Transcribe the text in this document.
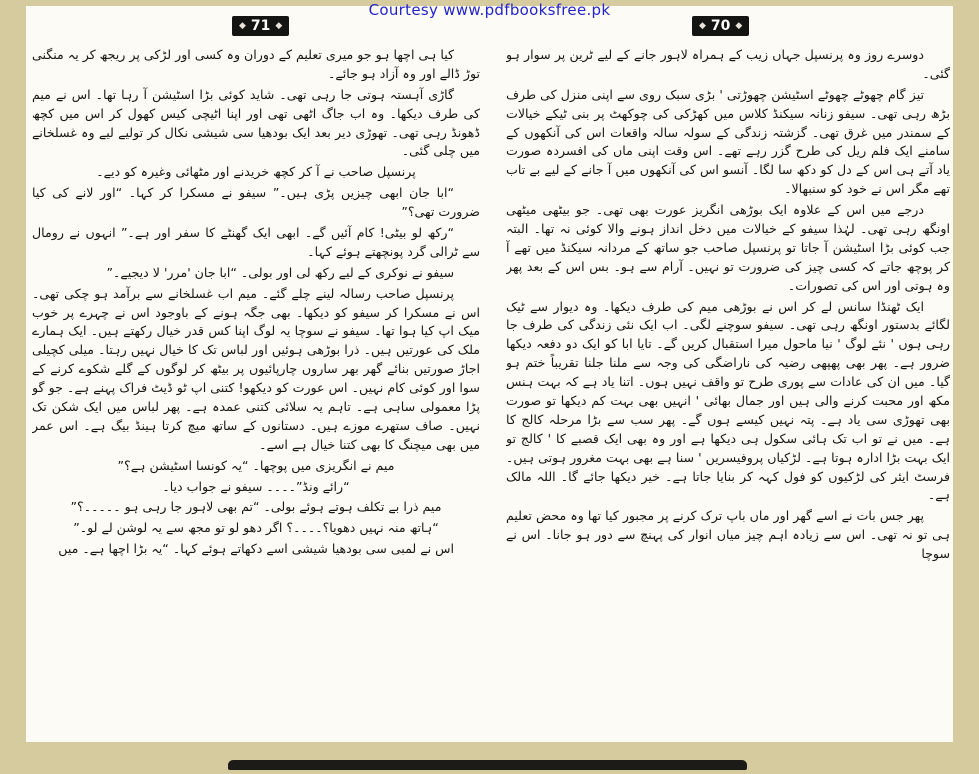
Courtesy www.pdfbooksfree.pk
◆ 71 ◆	◆ 70 ◆

دوسرے روز وہ پرنسپل جہاں زیب کے ہمراہ لاہور جانے کے لیے ٹرین پر سوار ہو گئی۔

تیز گام چھوٹے چھوٹے اسٹیشن چھوڑتی ' بڑی سبک روی سے اپنی منزل کی طرف بڑھ رہی تھی۔ سیفو زنانہ سیکنڈ کلاس میں کھڑکی کی چوکھٹ پر بنی ٹیکے خیالات کے سمندر میں غرق تھی۔ گزشتہ زندگی کے سولہ سالہ واقعات اس کی آنکھوں کے سامنے ایک فلم ریل کی طرح گزر رہے تھے۔ اس وقت اپنی ماں کی افسردہ صورت یاد آتے ہی اس کے دل کو دکھ سا لگا۔ آنسو اس کی آنکھوں میں آ جانے کے لیے بے تاب تھے مگر اس نے خود کو سنبھالا۔

درجے میں اس کے علاوہ ایک بوڑھی انگریز عورت بھی تھی۔ جو بیٹھی میٹھی اونگھ رہی تھی۔ لہٰذا سیفو کے خیالات میں دخل انداز ہونے والا کوئی نہ تھا۔ البتہ جب کوئی بڑا اسٹیشن آ جاتا تو پرنسپل صاحب جو ساتھ کے مردانہ سیکنڈ میں تھے آ کر پوچھ جاتے کہ کسی چیز کی ضرورت تو نہیں۔ آرام سے ہو۔ بس اس کے بعد پھر وہ ہوتی اور اس کی تصورات۔

ایک ٹھنڈا سانس لے کر اس نے بوڑھی میم کی طرف دیکھا۔ وہ دیوار سے ٹیک لگائے بدستور اونگھ رہی تھی۔ سیفو سوچنے لگی۔ اب ایک نئی زندگی کی طرف جا رہی ہوں ' نئے لوگ ' نیا ماحول میرا استقبال کریں گے۔ تایا ابا کو ایک دو دفعہ دیکھا ضرور ہے۔ پھر بھی پھپھی رضیہ کی ناراضگی کی وجہ سے ملنا جلنا تقریباً ختم ہو گیا۔ میں ان کی عادات سے پوری طرح تو واقف نہیں ہوں۔ اتنا یاد ہے کہ بہت ہنس مکھ اور محبت کرنے والی ہیں اور جمال بھائی ' انہیں بھی بہت کم دیکھا تو صورت بھی تھوڑی سی یاد ہے۔ پتہ نہیں کیسے ہوں گے۔ پھر سب سے بڑا مرحلہ کالج کا ہے۔ میں نے تو اب تک ہائی سکول ہی دیکھا ہے اور وہ بھی ایک قصبے کا ' کالج تو ایک بہت بڑا ادارہ ہوتا ہے۔ لڑکیاں پروفیسریں ' سنا ہے بھی بہت مغرور ہوتی ہیں۔ فرسٹ ایئر کی لڑکیوں کو فول کہہ کر بنایا جاتا ہے۔ خیر دیکھا جائے گا۔ اللہ مالک ہے۔

پھر جس بات نے اسے گھر اور ماں باپ ترک کرنے پر مجبور کیا تھا وہ محض تعلیم ہی تو نہ تھی۔ اس سے زیادہ اہم چیز میاں انوار کی پہنچ سے دور ہو جانا۔ اس نے سوچا

کیا ہی اچھا ہو جو میری تعلیم کے دوران وہ کسی اور لڑکی پر ریجھ کر یہ منگنی توڑ ڈالے اور وہ آزاد ہو جائے۔

گاڑی آہستہ ہوتی جا رہی تھی۔ شاید کوئی بڑا اسٹیشن آ رہا تھا۔ اس نے میم کی طرف دیکھا۔ وہ اب جاگ اٹھی تھی اور اپنا اٹیچی کیس کھول کر اس میں کچھ ڈھونڈ رہی تھی۔ تھوڑی دیر بعد ایک بودھیا سی شیشی نکال کر تولیے لیے وہ غسلخانے میں چلی گئی۔

پرنسپل صاحب نے آ کر کچھ خریدنے اور مٹھائی وغیرہ کو دیے۔

“ابا جان ابھی چیزیں پڑی ہیں۔” سیفو نے مسکرا کر کہا۔ “اور لانے کی کیا ضرورت تھی؟”

“رکھ لو بیٹی! کام آئیں گے۔ ابھی ایک گھنٹے کا سفر اور ہے۔” انہوں نے رومال سے ٹرالی گرد پونچھتے ہوئے کہا۔

سیفو نے نوکری کے لیے رکھ لی اور بولی۔ “ابا جان 'مرر' لا دیجیے۔”

پرنسپل صاحب رسالہ لینے چلے گئے۔ میم اب غسلخانے سے برآمد ہو چکی تھی۔ اس نے مسکرا کر سیفو کو دیکھا۔ بھی جگہ ہونے کے باوجود اس نے چہرے پر خوب میک اپ کیا ہوا تھا۔ سیفو نے سوچا یہ لوگ اپنا کس قدر خیال رکھتے ہیں۔ ایک ہمارے ملک کی عورتیں ہیں۔ ذرا بوڑھی ہوئیں اور لباس تک کا خیال نہیں رہتا۔ میلی کچیلی اجاڑ صورتیں بنائے گھر بھر ساروں چارپائیوں پر بیٹھ کر لوگوں کے گلے شکوے کرنے کے سوا اور کوئی کام نہیں۔ اس عورت کو دیکھو! کتنی اپ ٹو ڈیٹ فراک پہنے ہے۔ جو گو پڑا معمولی ساہی ہے۔ تاہم یہ سلائی کتنی عمدہ ہے۔ پھر لباس میں ایک شکن تک نہیں۔ صاف ستھرے موزے ہیں۔ دستانوں کے ساتھ میچ کرتا ہینڈ بیگ ہے۔ اس عمر میں بھی میچنگ کا بھی کتنا خیال ہے اسے۔

میم نے انگریزی میں پوچھا۔ “یہ کونسا اسٹیشن ہے؟”

“رائے ونڈ”۔۔۔۔ سیفو نے جواب دیا۔

میم ذرا بے تکلف ہوتے ہوئے بولی۔ “تم بھی لاہور جا رہی ہو ۔۔۔۔۔؟”

“ہاتھ منہ نہیں دھویا؟۔۔۔۔؟ اگر دھو لو تو مجھ سے یہ لوشن لے لو۔”

اس نے لمبی سی بودھیا شیشی اسے دکھاتے ہوئے کہا۔ “یہ بڑا اچھا ہے۔ میں
